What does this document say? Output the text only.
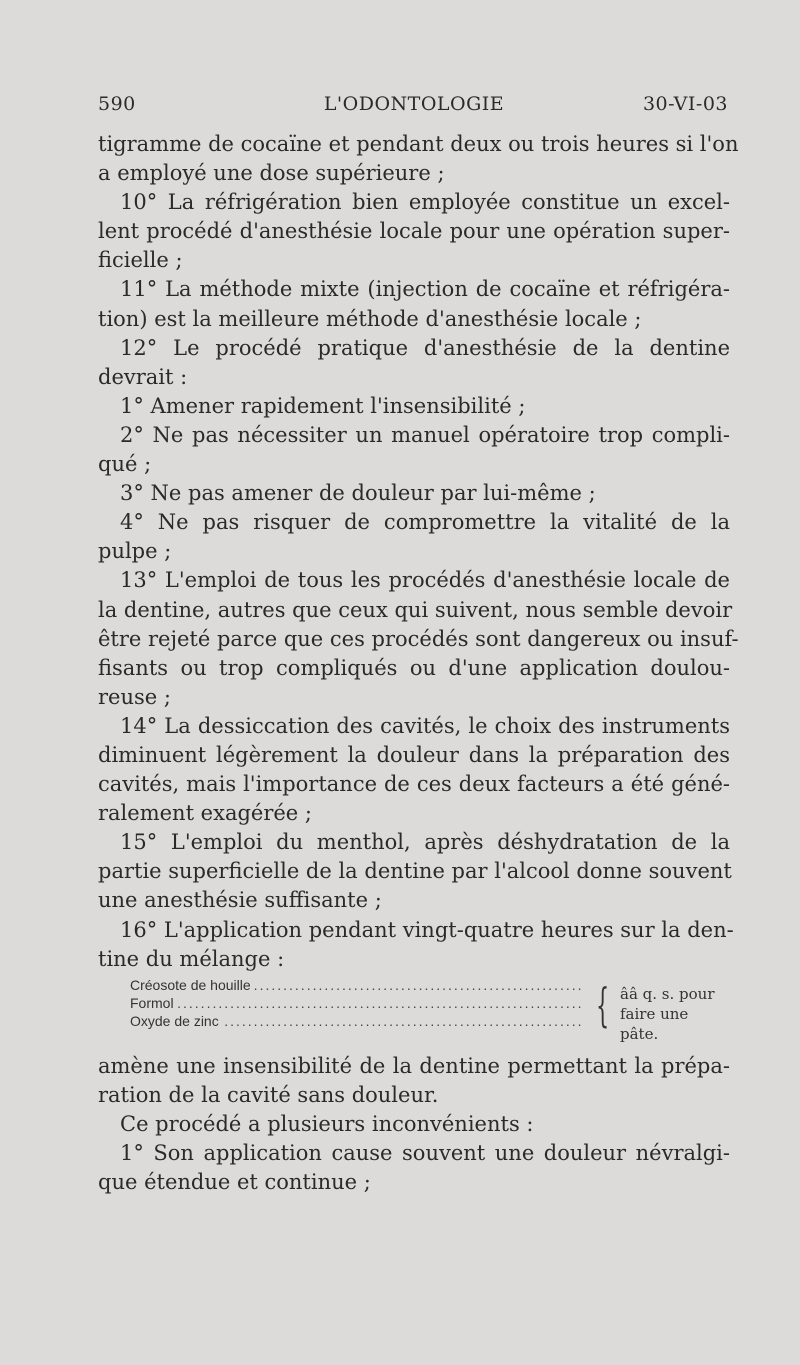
590	L'ODONTOLOGIE	30-VI-03

tigramme de cocaïne et pendant deux ou trois heures si l'on

a employé une dose supérieure ;

10° La réfrigération bien employée constitue un excel-

lent procédé d'anesthésie locale pour une opération super-

ficielle ;

11° La méthode mixte (injection de cocaïne et réfrigéra-

tion) est la meilleure méthode d'anesthésie locale ;

12° Le procédé pratique d'anesthésie de la dentine

devrait :

1° Amener rapidement l'insensibilité ;

2° Ne pas nécessiter un manuel opératoire trop compli-

qué ;

3° Ne pas amener de douleur par lui-même ;

4° Ne pas risquer de compromettre la vitalité de la

pulpe ;

13° L'emploi de tous les procédés d'anesthésie locale de

la dentine, autres que ceux qui suivent, nous semble devoir

être rejeté parce que ces procédés sont dangereux ou insuf-

fisants ou trop compliqués ou d'une application doulou-

reuse ;

14° La dessiccation des cavités, le choix des instruments

diminuent légèrement la douleur dans la préparation des

cavités, mais l'importance de ces deux facteurs a été géné-

ralement exagérée ;

15° L'emploi du menthol, après déshydratation de la

partie superficielle de la dentine par l'alcool donne souvent

une anesthésie suffisante ;

16° L'application pendant vingt-quatre heures sur la den-

tine du mélange :

Créosote de houille .....
Formol .....
Oxyde de zinc .....	{ ââ q. s. pour
faire une pâte.

amène une insensibilité de la dentine permettant la prépa-

ration de la cavité sans douleur.

Ce procédé a plusieurs inconvénients :

1° Son application cause souvent une douleur névralgi-

que étendue et continue ;
